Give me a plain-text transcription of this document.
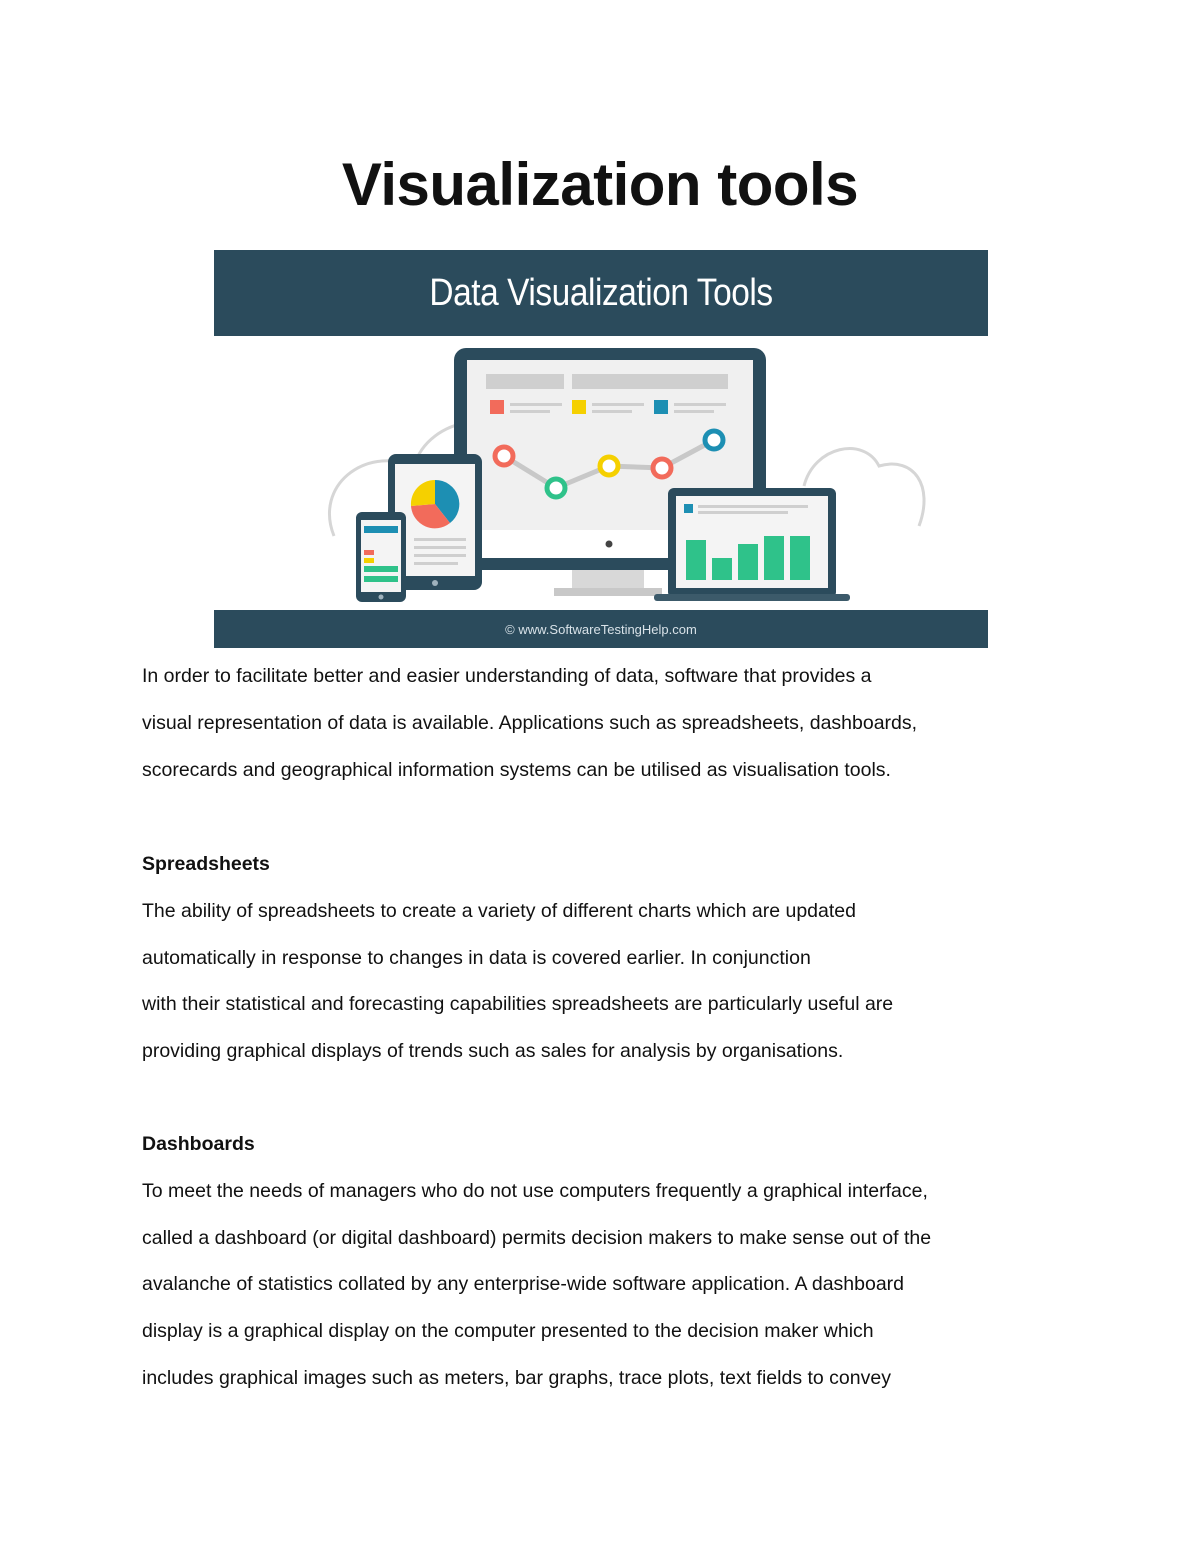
Visualization tools
Data Visualization Tools
© www.SoftwareTestingHelp.com
In order to facilitate better and easier understanding of data, software that provides a
visual representation of data is available. Applications such as spreadsheets, dashboards,
scorecards and geographical information systems can be utilised as visualisation tools.
Spreadsheets
The ability of spreadsheets to create a variety of different charts which are updated
automatically in response to changes in data is covered earlier. In conjunction
with their statistical and forecasting capabilities spreadsheets are particularly useful are
providing graphical displays of trends such as sales for analysis by organisations.
Dashboards
To meet the needs of managers who do not use computers frequently a graphical interface,
called a dashboard (or digital dashboard) permits decision makers to make sense out of the
avalanche of statistics collated by any enterprise-wide software application. A dashboard
display is a graphical display on the computer presented to the decision maker which
includes graphical images such as meters, bar graphs, trace plots, text fields to convey
